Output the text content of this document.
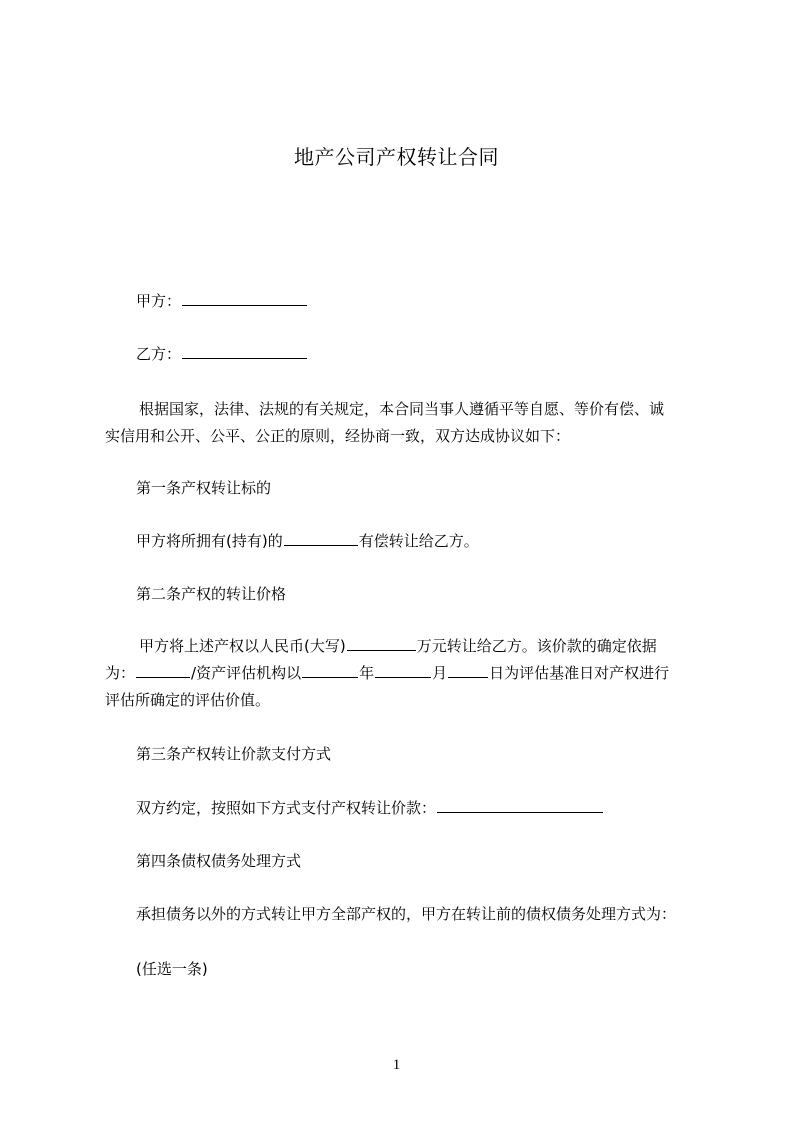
地产公司产权转让合同
甲方：
乙方：
根据国家，法律、法规的有关规定，本合同当事人遵循平等自愿、等价有偿、诚
实信用和公开、公平、公正的原则，经协商一致，双方达成协议如下：
第一条产权转让标的
甲方将所拥有(持有)的	有偿转让给乙方。
第二条产权的转让价格
甲方将上述产权以人民币(大写)	万元转让给乙方。该价款的确定依据
为：	/资产评估机构以	年	月	日为评估基准日对产权进行
评估所确定的评估价值。
第三条产权转让价款支付方式
双方约定，按照如下方式支付产权转让价款：
第四条债权债务处理方式
承担债务以外的方式转让甲方全部产权的，甲方在转让前的债权债务处理方式为：
(任选一条)
1
